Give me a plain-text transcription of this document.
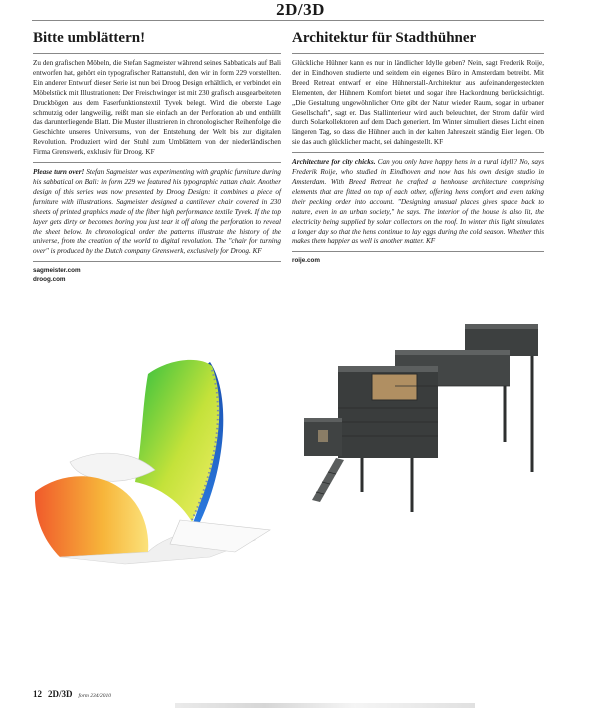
2D/3D
Bitte umblättern!

Zu den grafischen Möbeln, die Stefan Sagmeister während seines Sabbaticals auf Bali entworfen hat, gehört ein typografischer Rattanstuhl, den wir in form 229 vorstellten. Ein anderer Entwurf dieser Serie ist nun bei Droog Design erhältlich, er verbindet ein Möbelstück mit Illustrationen: Der Freischwinger ist mit 230 grafisch ausgearbeiteten Druckbögen aus dem Faserfunktionstextil Tyvek belegt. Wird die oberste Lage schmutzig oder langweilig, reißt man sie einfach an der Perforation ab und enthüllt das darunterliegende Blatt. Die Muster illustrieren in chronologischer Reihenfolge die Geschichte unseres Universums, von der Entstehung der Welt bis zur digitalen Revolution. Produziert wird der Stuhl zum Umblättern von der niederländischen Firma Grenswerk, exklusiv für Droog. KF

Please turn over! Stefan Sagmeister was experimenting with graphic furniture during his sabbatical on Bali: in form 229 we featured his typographic rattan chair. Another design of this series was now presented by Droog Design: it combines a piece of furniture with illustrations. Sagmeister designed a cantilever chair covered in 230 sheets of printed graphics made of the fiber high performance textile Tyvek. If the top layer gets dirty or becomes boring you just tear it off along the perforation to reveal the sheet below. In chronological order the patterns illustrate the history of the universe, from the creation of the world to digital revolution. The "chair for turning over" is produced by the Dutch company Grenswerk, exclusively for Droog. KF

sagmeister.com
droog.com
Architektur für Stadthühner

Glückliche Hühner kann es nur in ländlicher Idylle geben? Nein, sagt Frederik Roije, der in Eindhoven studierte und seitdem ein eigenes Büro in Amsterdam betreibt. Mit Breed Retreat entwarf er eine Hühnerstall-Architektur aus aufeinandergesteckten Elementen, der Hühnern Komfort bietet und sogar ihre Hackordnung berücksichtigt. „Die Gestaltung ungewöhnlicher Orte gibt der Natur wieder Raum, sogar in urbaner Gesellschaft", sagt er. Das Stallinterieur wird auch beleuchtet, der Strom dafür wird durch Solarkollektoren auf dem Dach generiert. Im Winter simuliert dieses Licht einen längeren Tag, so dass die Hühner auch in der kalten Jahreszeit ständig Eier legen. Ob sie das auch glücklicher macht, sei dahingestellt. KF

Architecture for city chicks. Can you only have happy hens in a rural idyll? No, says Frederik Roije, who studied in Eindhoven and now has his own design studio in Amsterdam. With Breed Retreat he crafted a henhouse architecture comprising elements that are fitted on top of each other, offering hens comfort and even taking their pecking order into account. "Designing unusual places gives space back to nature, even in an urban society," he says. The interior of the house is also lit, the electricity being supplied by solar collectors on the roof. In winter this light simulates a longer day so that the hens continue to lay eggs during the cold season. Whether this makes them happier as well is another matter. KF

roije.com
12 2D/3D form 234/2010
